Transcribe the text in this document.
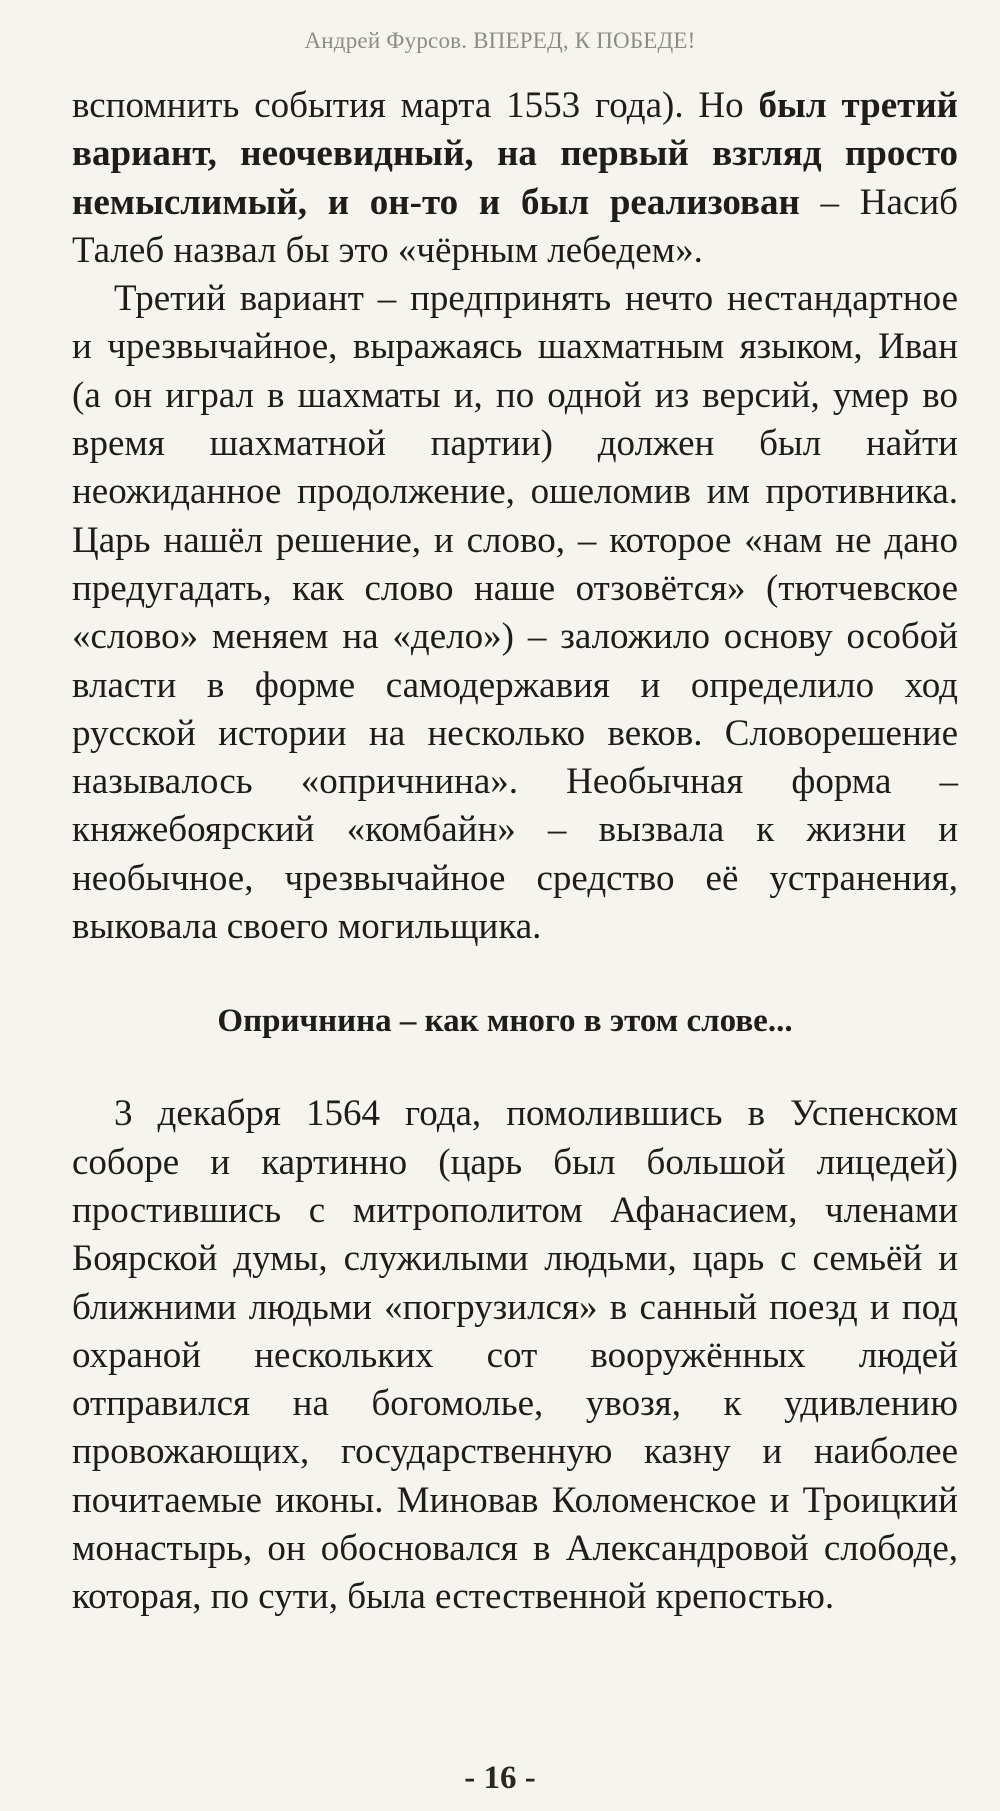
Андрей Фурсов. ВПЕРЕД, К ПОБЕДЕ!

вспомнить события марта 1553 года). Но был третий вариант, неочевидный, на первый взгляд просто немыслимый, и он-то и был реализован – Насиб Талеб назвал бы это «чёрным лебедем».

Третий вариант – предпринять нечто нестандартное и чрезвычайное, выражаясь шахматным языком, Иван (а он играл в шахматы и, по одной из версий, умер во время шахматной партии) должен был найти неожиданное продолжение, ошеломив им противника. Царь нашёл решение, и слово, – которое «нам не дано предугадать, как слово наше отзовётся» (тютчевское «слово» меняем на «дело») – заложило основу особой власти в форме самодержавия и определило ход русской истории на несколько веков. Словорешение называлось «опричнина». Необычная форма – княжебоярский «комбайн» – вызвала к жизни и необычное, чрезвычайное средство её устранения, выковала своего могильщика.

Опричнина – как много в этом слове...

3 декабря 1564 года, помолившись в Успенском соборе и картинно (царь был большой лицедей) простившись с митрополитом Афанасием, членами Боярской думы, служилыми людьми, царь с семьёй и ближними людьми «погрузился» в санный поезд и под охраной нескольких сот вооружённых людей отправился на богомолье, увозя, к удивлению провожающих, государственную казну и наиболее почитаемые иконы. Миновав Коломенское и Троицкий монастырь, он обосновался в Александровой слободе, которая, по сути, была естественной крепостью.

- 16 -
